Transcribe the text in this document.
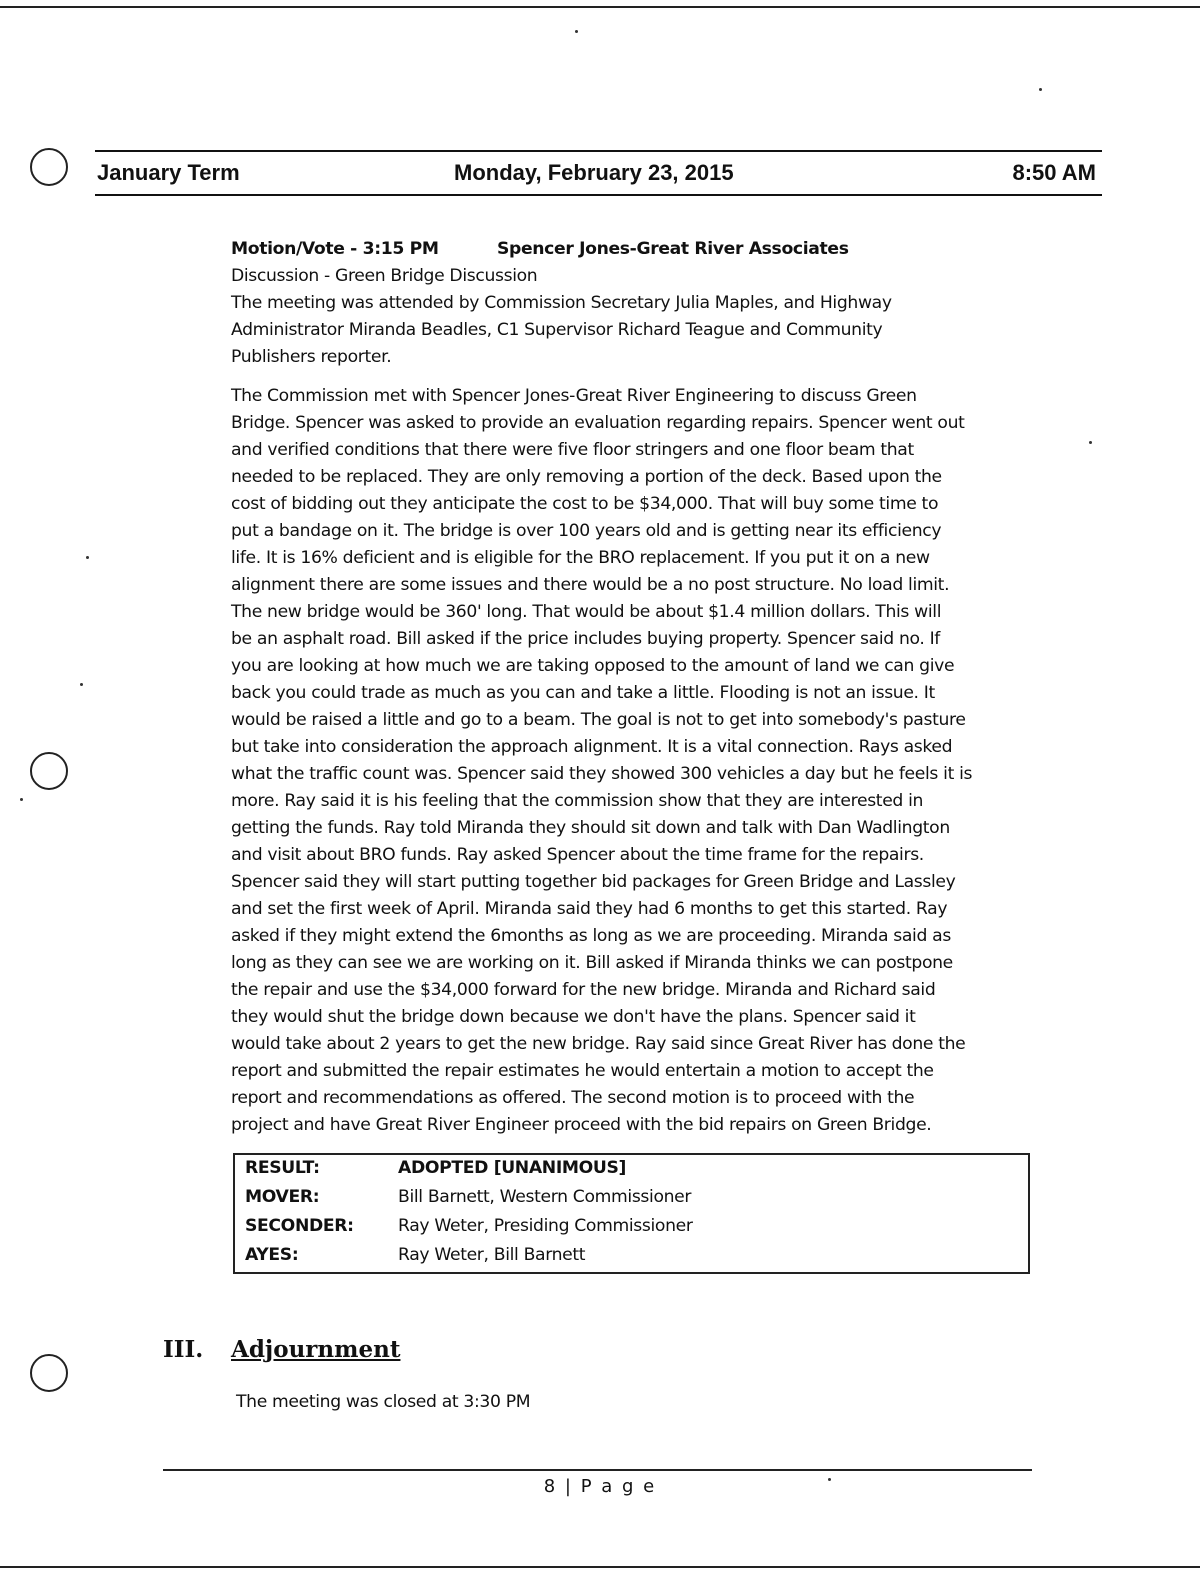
January Term	Monday, February 23, 2015	8:50 AM
Motion/Vote - 3:15 PM	Spencer Jones-Great River Associates
Discussion - Green Bridge Discussion
The meeting was attended by Commission Secretary Julia Maples, and Highway
Administrator Miranda Beadles, C1 Supervisor Richard Teague and Community
Publishers reporter.
The Commission met with Spencer Jones-Great River Engineering to discuss Green
Bridge. Spencer was asked to provide an evaluation regarding repairs. Spencer went out
and verified conditions that there were five floor stringers and one floor beam that
needed to be replaced. They are only removing a portion of the deck. Based upon the
cost of bidding out they anticipate the cost to be $34,000. That will buy some time to
put a bandage on it. The bridge is over 100 years old and is getting near its efficiency
life. It is 16% deficient and is eligible for the BRO replacement. If you put it on a new
alignment there are some issues and there would be a no post structure. No load limit.
The new bridge would be 360' long. That would be about $1.4 million dollars. This will
be an asphalt road. Bill asked if the price includes buying property. Spencer said no. If
you are looking at how much we are taking opposed to the amount of land we can give
back you could trade as much as you can and take a little. Flooding is not an issue. It
would be raised a little and go to a beam. The goal is not to get into somebody's pasture
but take into consideration the approach alignment. It is a vital connection. Rays asked
what the traffic count was. Spencer said they showed 300 vehicles a day but he feels it is
more. Ray said it is his feeling that the commission show that they are interested in
getting the funds. Ray told Miranda they should sit down and talk with Dan Wadlington
and visit about BRO funds. Ray asked Spencer about the time frame for the repairs.
Spencer said they will start putting together bid packages for Green Bridge and Lassley
and set the first week of April. Miranda said they had 6 months to get this started. Ray
asked if they might extend the 6months as long as we are proceeding. Miranda said as
long as they can see we are working on it. Bill asked if Miranda thinks we can postpone
the repair and use the $34,000 forward for the new bridge. Miranda and Richard said
they would shut the bridge down because we don't have the plans. Spencer said it
would take about 2 years to get the new bridge. Ray said since Great River has done the
report and submitted the repair estimates he would entertain a motion to accept the
report and recommendations as offered. The second motion is to proceed with the
project and have Great River Engineer proceed with the bid repairs on Green Bridge.
RESULT:	ADOPTED [UNANIMOUS]
MOVER:	Bill Barnett, Western Commissioner
SECONDER:	Ray Weter, Presiding Commissioner
AYES:	Ray Weter, Bill Barnett
III. Adjournment
The meeting was closed at 3:30 PM
8 | P a g e
